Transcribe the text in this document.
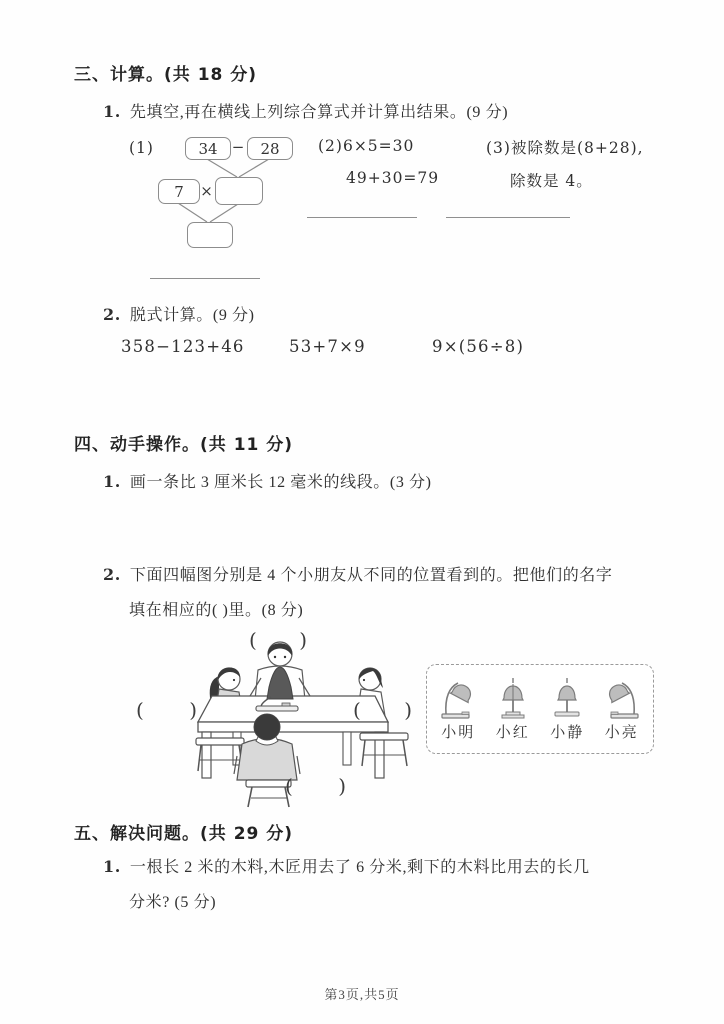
三、计算。(共 18 分)
1. 先填空,再在横线上列综合算式并计算出结果。(9 分)
(1)	34 −	28
7	×
(2)6×5=30
49+30=79
(3)被除数是(8+28),
除数是 4。
2. 脱式计算。(9 分)
358−123+46	53+7×9	9×(56÷8)
四、动手操作。(共 11 分)
1. 画一条比 3 厘米长 12 毫米的线段。(3 分)
2. 下面四幅图分别是 4 个小朋友从不同的位置看到的。把他们的名字
填在相应的( )里。(8 分)
( )
( )	( )
( )
小明 小红 小静 小亮
五、解决问题。(共 29 分)
1. 一根长 2 米的木料,木匠用去了 6 分米,剩下的木料比用去的长几
分米? (5 分)
第3页,共5页
